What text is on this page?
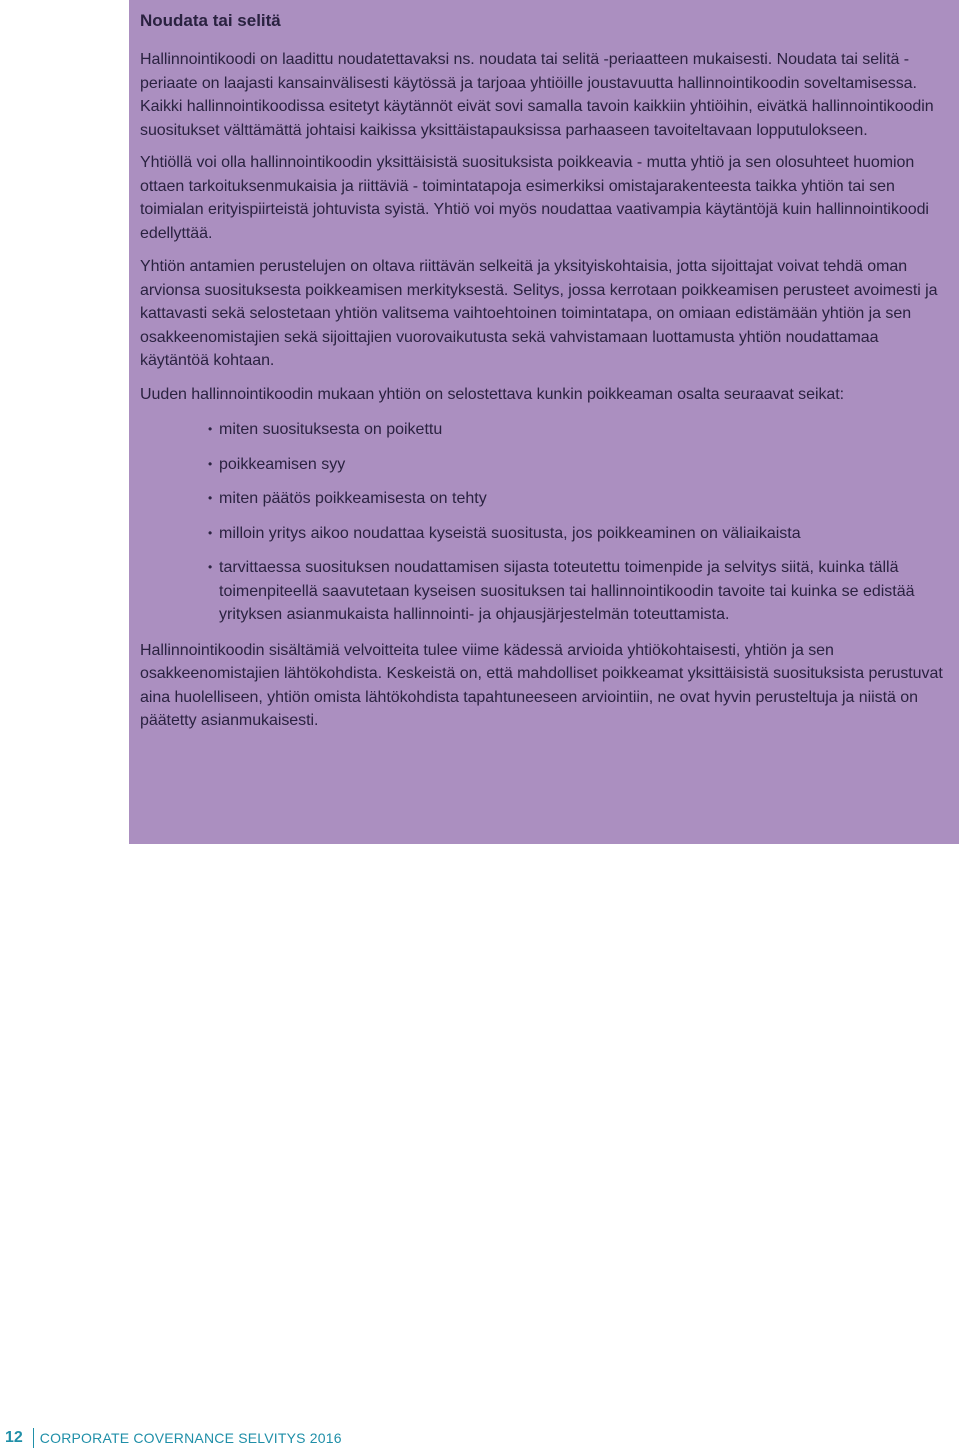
Noudata tai selitä

Hallinnointikoodi on laadittu noudatettavaksi ns. noudata tai selitä -periaatteen mukaisesti. Noudata tai selitä -periaate on laajasti kansainvälisesti käytössä ja tarjoaa yhtiöille joustavuutta hallinnointikoodin soveltamisessa. Kaikki hallinnointikoodissa esitetyt käytännöt eivät sovi samalla tavoin kaikkiin yhtiöihin, eivätkä hallinnointikoodin suositukset välttämättä johtaisi kaikissa yksittäistapauksissa parhaaseen tavoiteltavaan lopputulokseen.

Yhtiöllä voi olla hallinnointikoodin yksittäisistä suosituksista poikkeavia - mutta yhtiö ja sen olosuhteet huomion ottaen tarkoituksenmukaisia ja riittäviä - toimintatapoja esimerkiksi omistajarakenteesta taikka yhtiön tai sen toimialan erityispiirteistä johtuvista syistä. Yhtiö voi myös noudattaa vaativampia käytäntöjä kuin hallinnointikoodi edellyttää.

Yhtiön antamien perustelujen on oltava riittävän selkeitä ja yksityiskohtaisia, jotta sijoittajat voivat tehdä oman arvionsa suosituksesta poikkeamisen merkityksestä. Selitys, jossa kerrotaan poikkeamisen perusteet avoimesti ja kattavasti sekä selostetaan yhtiön valitsema vaihtoehtoinen toimintatapa, on omiaan edistämään yhtiön ja sen osakkeenomistajien sekä sijoittajien vuorovaikutusta sekä vahvistamaan luottamusta yhtiön noudattamaa käytäntöä kohtaan.

Uuden hallinnointikoodin mukaan yhtiön on selostettava kunkin poikkeaman osalta seuraavat seikat:

• miten suosituksesta on poikettu
• poikkeamisen syy
• miten päätös poikkeamisesta on tehty
• milloin yritys aikoo noudattaa kyseistä suositusta, jos poikkeaminen on väliaikaista
• tarvittaessa suosituksen noudattamisen sijasta toteutettu toimenpide ja selvitys siitä, kuinka tällä toimenpiteellä saavutetaan kyseisen suosituksen tai hallinnointikoodin tavoite tai kuinka se edistää yrityksen asianmukaista hallinnointi- ja ohjausjärjestelmän toteuttamista.

Hallinnointikoodin sisältämiä velvoitteita tulee viime kädessä arvioida yhtiökohtaisesti, yhtiön ja sen osakkeenomistajien lähtökohdista. Keskeistä on, että mahdolliset poikkeamat yksittäisistä suosituksista perustuvat aina huolelliseen, yhtiön omista lähtökohdista tapahtuneeseen arviointiin, ne ovat hyvin perusteltuja ja niistä on päätetty asianmukaisesti.

12	CORPORATE COVERNANCE SELVITYS 2016
